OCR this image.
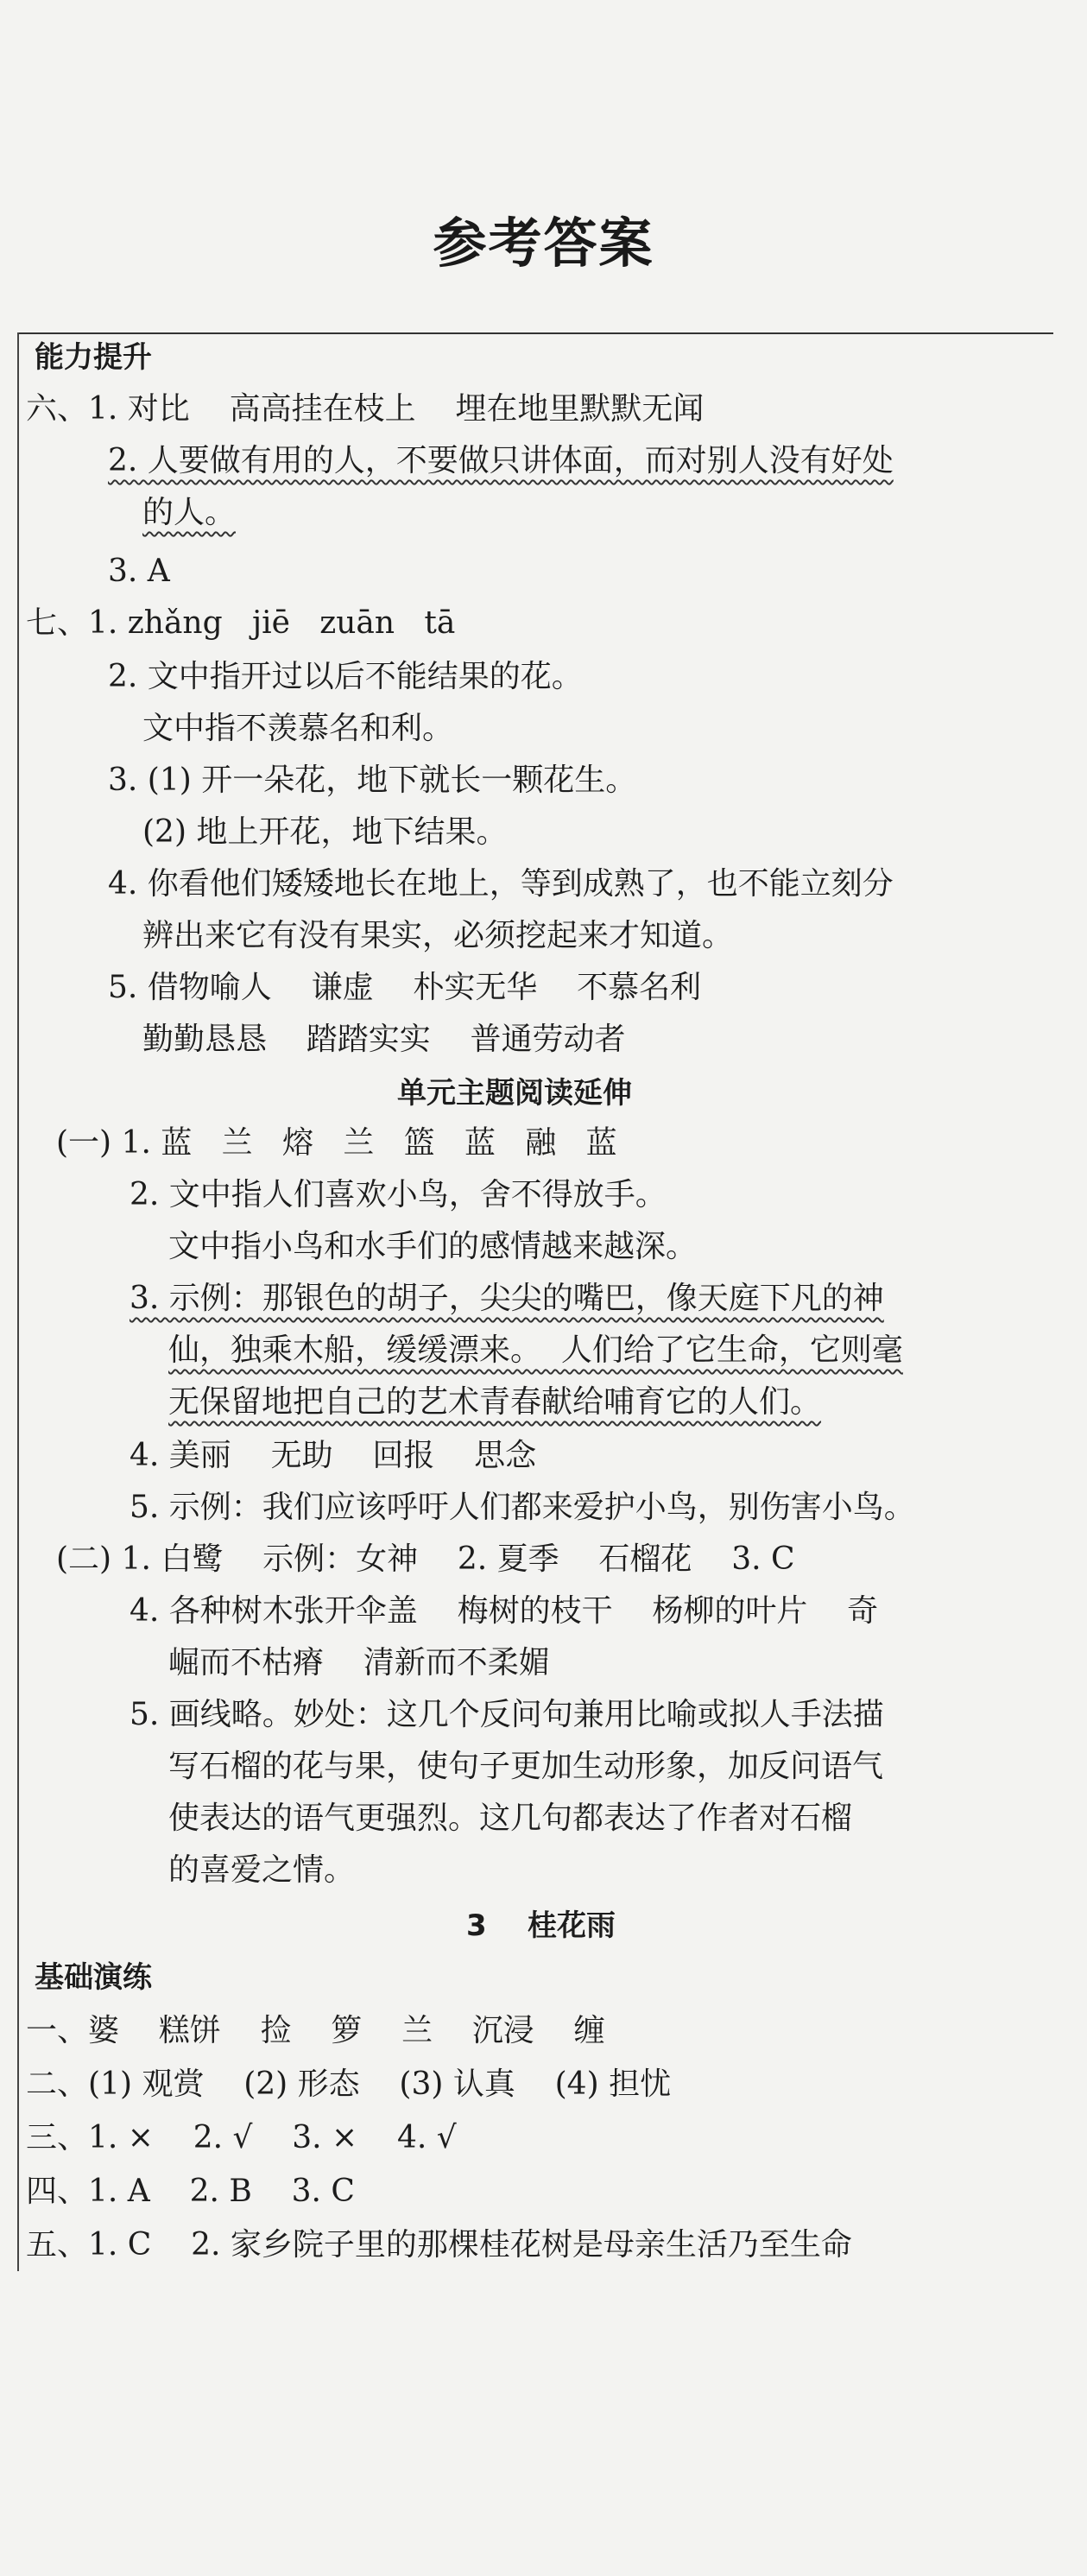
参考答案
能力提升
六、1. 对比    高高挂在枝上    埋在地里默默无闻
2. 人要做有用的人，不要做只讲体面，而对别人没有好处
的人。
3. A
七、1. zhǎng   jiē   zuān   tā
2. 文中指开过以后不能结果的花。
文中指不羡慕名和利。
3. (1) 开一朵花，地下就长一颗花生。
(2) 地上开花，地下结果。
4. 你看他们矮矮地长在地上，等到成熟了，也不能立刻分
辨出来它有没有果实，必须挖起来才知道。
5. 借物喻人    谦虚    朴实无华    不慕名利
勤勤恳恳    踏踏实实    普通劳动者
单元主题阅读延伸
(一) 1. 蓝   兰   熔   兰   篮   蓝   融   蓝
2. 文中指人们喜欢小鸟，舍不得放手。
文中指小鸟和水手们的感情越来越深。
3. 示例：那银色的胡子，尖尖的嘴巴，像天庭下凡的神
仙，独乘木船，缓缓漂来。  人们给了它生命，它则毫
无保留地把自己的艺术青春献给哺育它的人们。
4. 美丽    无助    回报    思念
5. 示例：我们应该呼吁人们都来爱护小鸟，别伤害小鸟。
(二) 1. 白鹭    示例：女神    2. 夏季    石榴花    3. C
4. 各种树木张开伞盖    梅树的枝干    杨柳的叶片    奇
崛而不枯瘠    清新而不柔媚
5. 画线略。妙处：这几个反问句兼用比喻或拟人手法描
写石榴的花与果，使句子更加生动形象，加反问语气
使表达的语气更强烈。这几句都表达了作者对石榴
的喜爱之情。
3    桂花雨
基础演练
一、婆    糕饼    捡    箩    兰    沉浸    缠
二、(1) 观赏    (2) 形态    (3) 认真    (4) 担忧
三、1. ×    2. √    3. ×    4. √
四、1. A    2. B    3. C
五、1. C    2. 家乡院子里的那棵桂花树是母亲生活乃至生命
